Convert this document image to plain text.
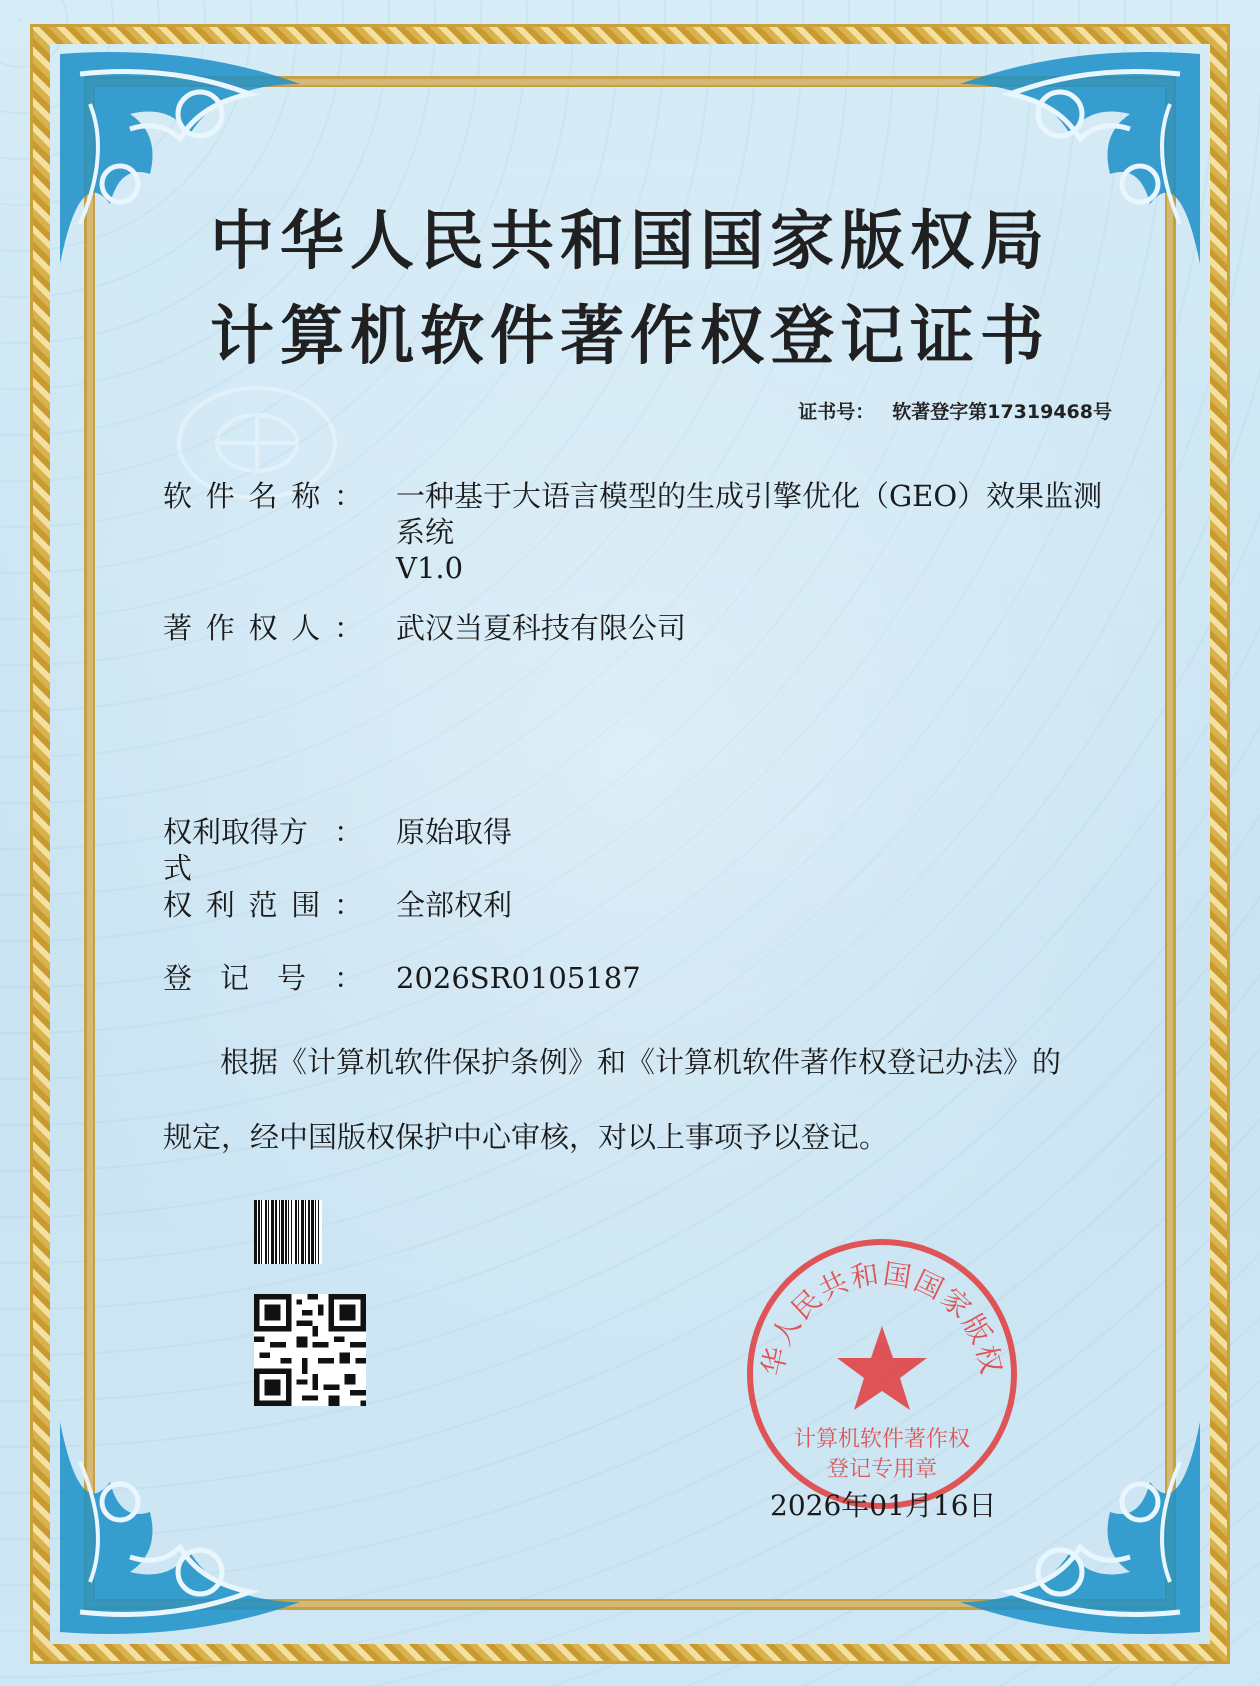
中华人民共和国国家版权局
计算机软件著作权登记证书
证书号： 软著登字第17319468号
软 件 名 称 ： 一种基于大语言模型的生成引擎优化（GEO）效果监测
系统
V1.0
著 作 权 人 ： 武汉当夏科技有限公司
权利取得方式
： 原始取得
权 利 范 围 ： 全部权利
登 记 号 ： 2026SR0105187
根据《计算机软件保护条例》和《计算机软件著作权登记办法》的
规定，经中国版权保护中心审核，对以上事项予以登记。
华人民共和国国家版权
计算机软件著作权
登记专用章
2026年01月16日
